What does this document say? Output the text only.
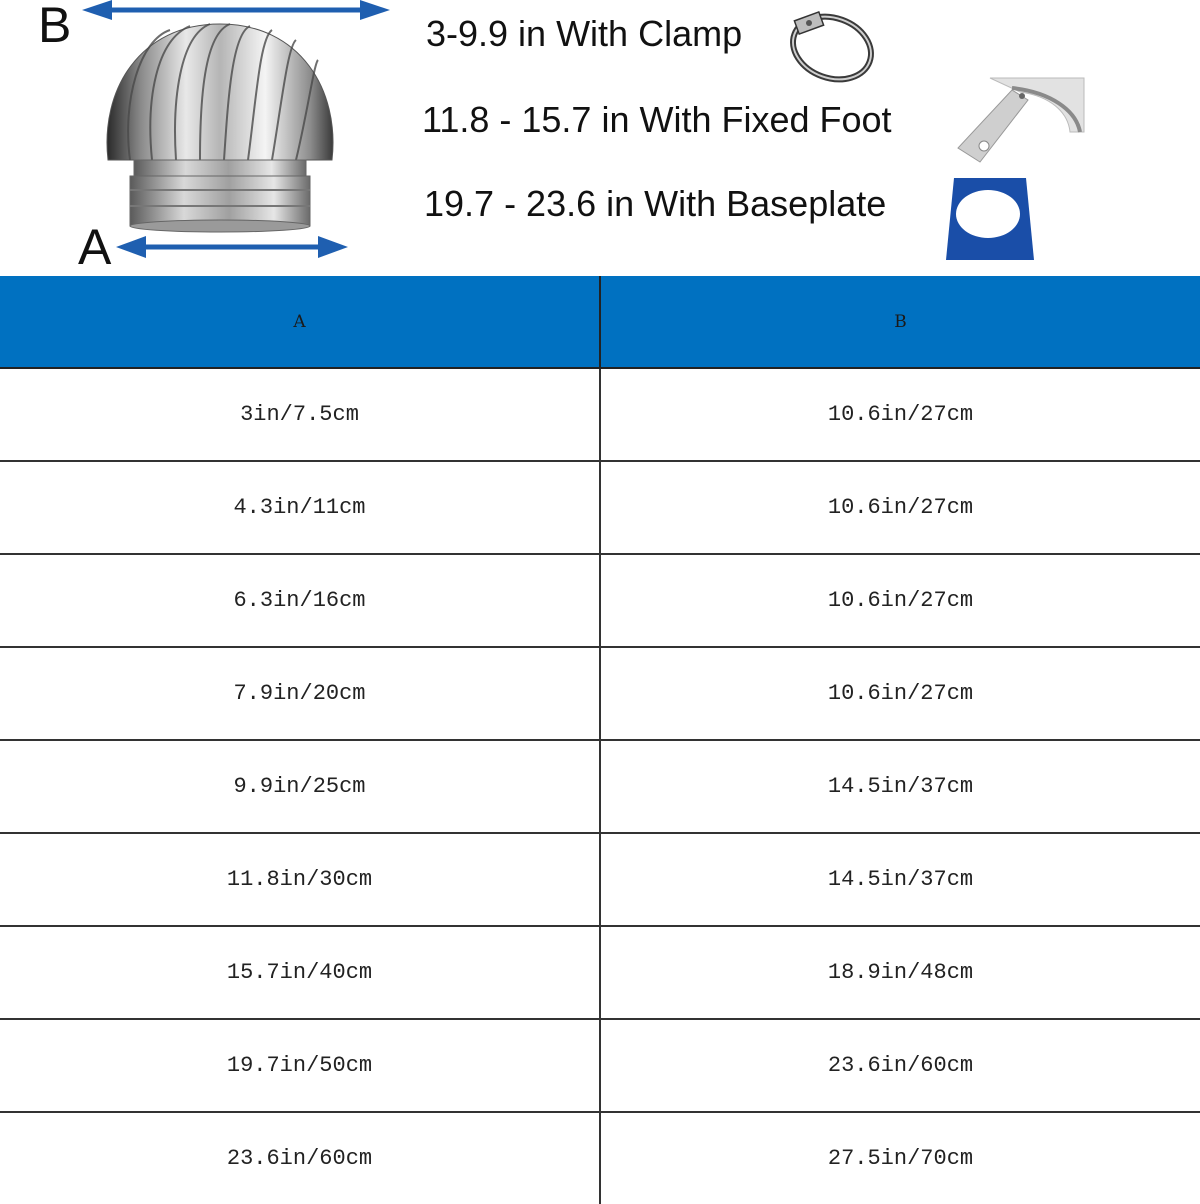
B
A
3-9.9 in With Clamp
11.8 - 15.7 in With Fixed Foot
19.7 - 23.6 in With Baseplate
A	B
3in/7.5cm	10.6in/27cm
4.3in/11cm	10.6in/27cm
6.3in/16cm	10.6in/27cm
7.9in/20cm	10.6in/27cm
9.9in/25cm	14.5in/37cm
11.8in/30cm	14.5in/37cm
15.7in/40cm	18.9in/48cm
19.7in/50cm	23.6in/60cm
23.6in/60cm	27.5in/70cm
